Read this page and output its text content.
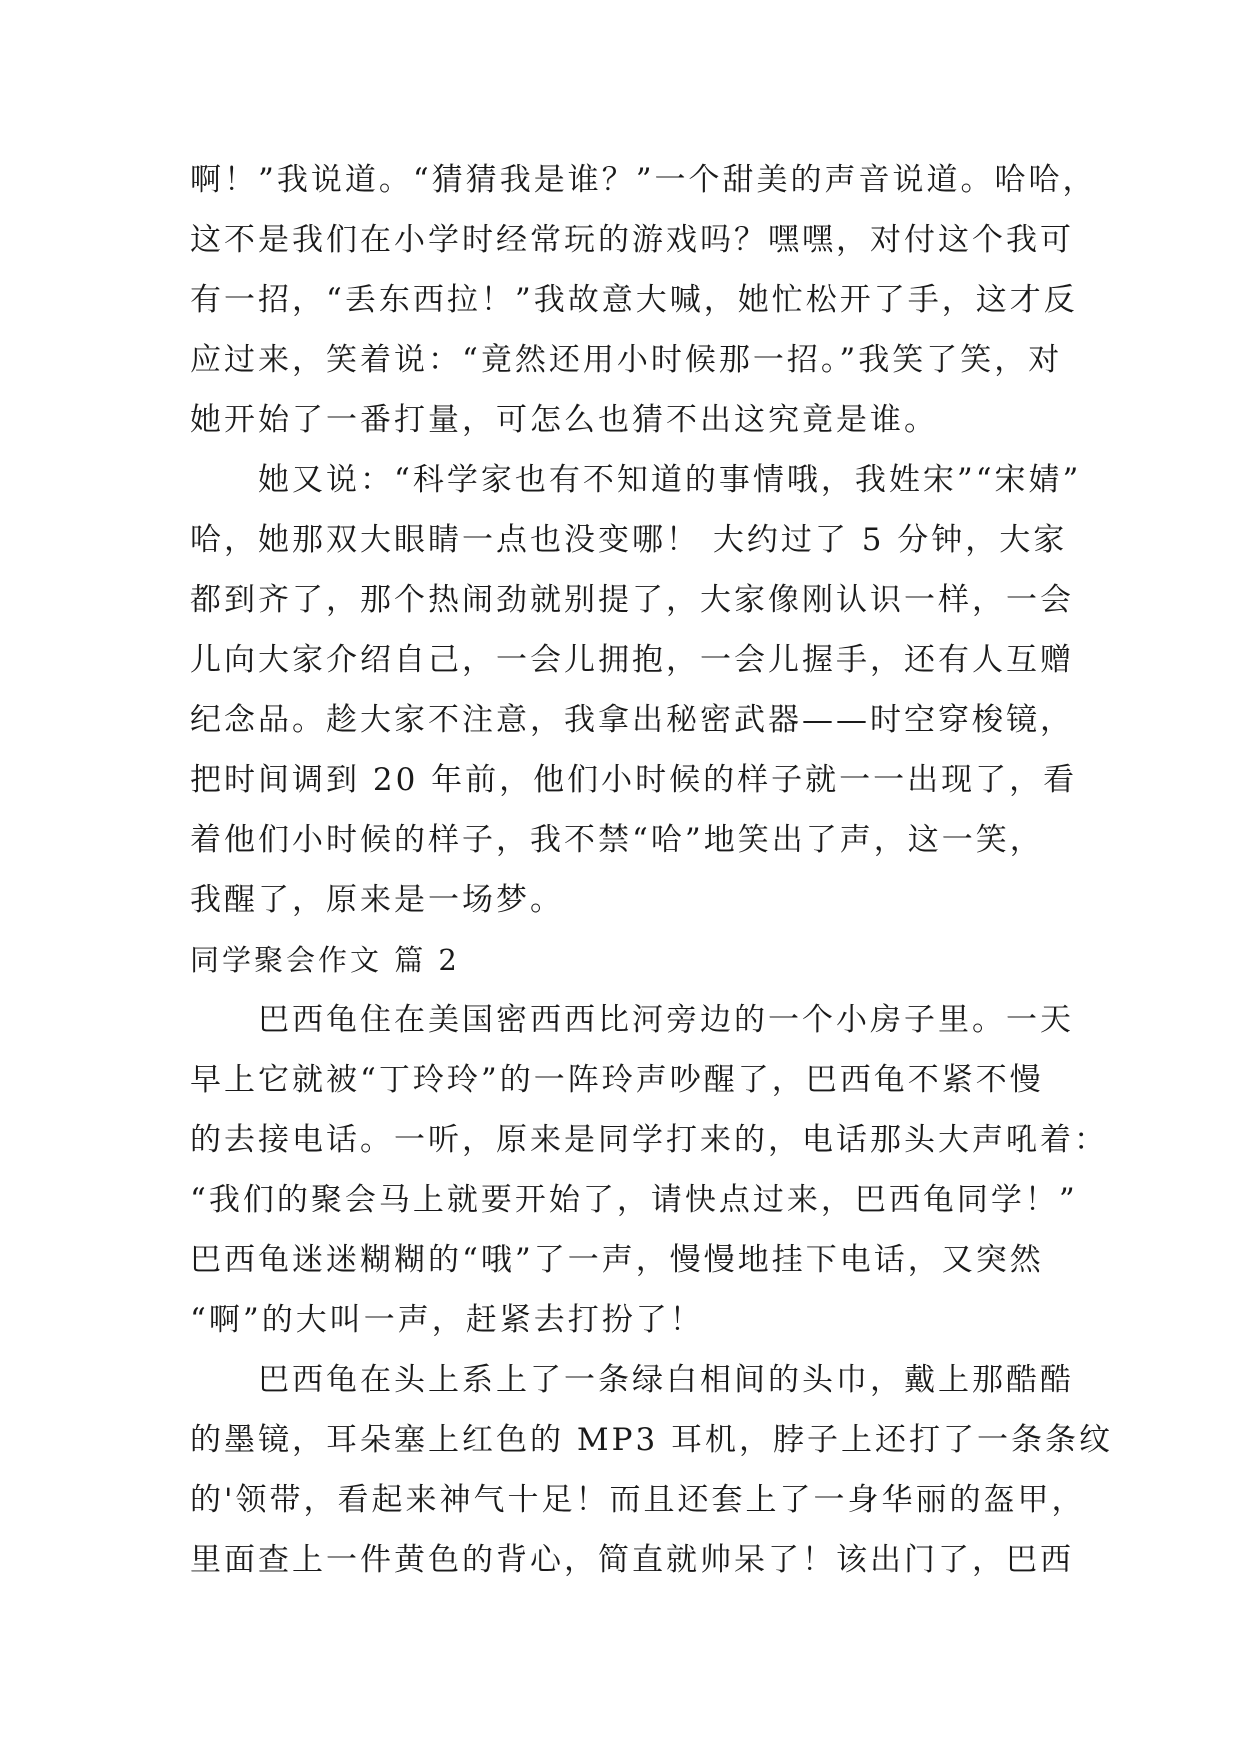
啊！”我说道。“猜猜我是谁？”一个甜美的声音说道。哈哈，
这不是我们在小学时经常玩的游戏吗？嘿嘿，对付这个我可
有一招，“丢东西拉！”我故意大喊，她忙松开了手，这才反
应过来，笑着说：“竟然还用小时候那一招。”我笑了笑，对
她开始了一番打量，可怎么也猜不出这究竟是谁。
她又说：“科学家也有不知道的事情哦，我姓宋”“宋婧”
哈，她那双大眼睛一点也没变哪！ 大约过了 5 分钟，大家
都到齐了，那个热闹劲就别提了，大家像刚认识一样，一会
儿向大家介绍自己，一会儿拥抱，一会儿握手，还有人互赠
纪念品。趁大家不注意，我拿出秘密武器——时空穿梭镜，
把时间调到 20 年前，他们小时候的样子就一一出现了，看
着他们小时候的样子，我不禁“哈”地笑出了声，这一笑，
我醒了，原来是一场梦。
同学聚会作文 篇 2
巴西龟住在美国密西西比河旁边的一个小房子里。一天
早上它就被“丁玲玲”的一阵玲声吵醒了，巴西龟不紧不慢
的去接电话。一听，原来是同学打来的，电话那头大声吼着：
“我们的聚会马上就要开始了，请快点过来，巴西龟同学！”
巴西龟迷迷糊糊的“哦”了一声，慢慢地挂下电话，又突然
“啊”的大叫一声，赶紧去打扮了！
巴西龟在头上系上了一条绿白相间的头巾，戴上那酷酷
的墨镜，耳朵塞上红色的 MP3 耳机，脖子上还打了一条条纹
的'领带，看起来神气十足！而且还套上了一身华丽的盔甲，
里面查上一件黄色的背心，简直就帅呆了！该出门了，巴西
